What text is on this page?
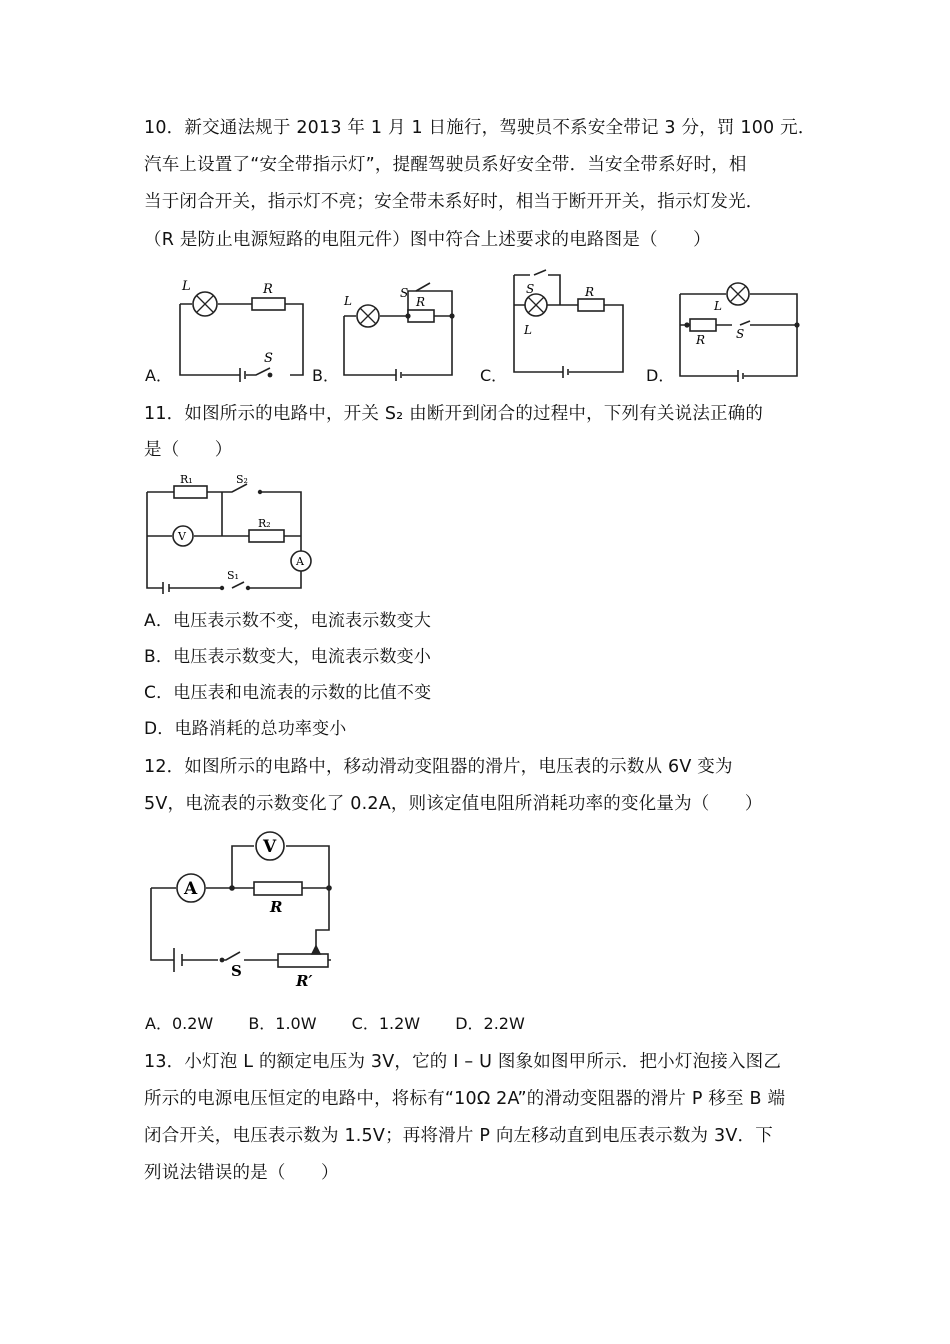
10．新交通法规于 2013 年 1 月 1 日施行，驾驶员不系安全带记 3 分，罚 100 元．
汽车上设置了“安全带指示灯”，提醒驾驶员系好安全带．当安全带系好时，相
当于闭合开关，指示灯不亮；安全带未系好时，相当于断开开关，指示灯发光．
（R 是防止电源短路的电阻元件）图中符合上述要求的电路图是（　　）
A．	B．	C．	D．
L	R
S
L	R
S	S
L
R
L
R	S
11．如图所示的电路中，开关 S₂ 由断开到闭合的过程中，下列有关说法正确的
是（　　）
R₁	S₂
R₂
S₁
V
A
A．电压表示数不变，电流表示数变大
B．电压表示数变大，电流表示数变小
C．电压表和电流表的示数的比值不变
D．电路消耗的总功率变小
12．如图所示的电路中，移动滑动变阻器的滑片，电压表的示数从 6V 变为
5V，电流表的示数变化了 0.2A，则该定值电阻所消耗功率的变化量为（　　）
A
V
R
S
R′
A．0.2W B．1.0W C．1.2W D．2.2W
13．小灯泡 L 的额定电压为 3V，它的 I – U 图象如图甲所示．把小灯泡接入图乙
所示的电源电压恒定的电路中，将标有“10Ω 2A”的滑动变阻器的滑片 P 移至 B 端
闭合开关，电压表示数为 1.5V；再将滑片 P 向左移动直到电压表示数为 3V．下
列说法错误的是（　　）
